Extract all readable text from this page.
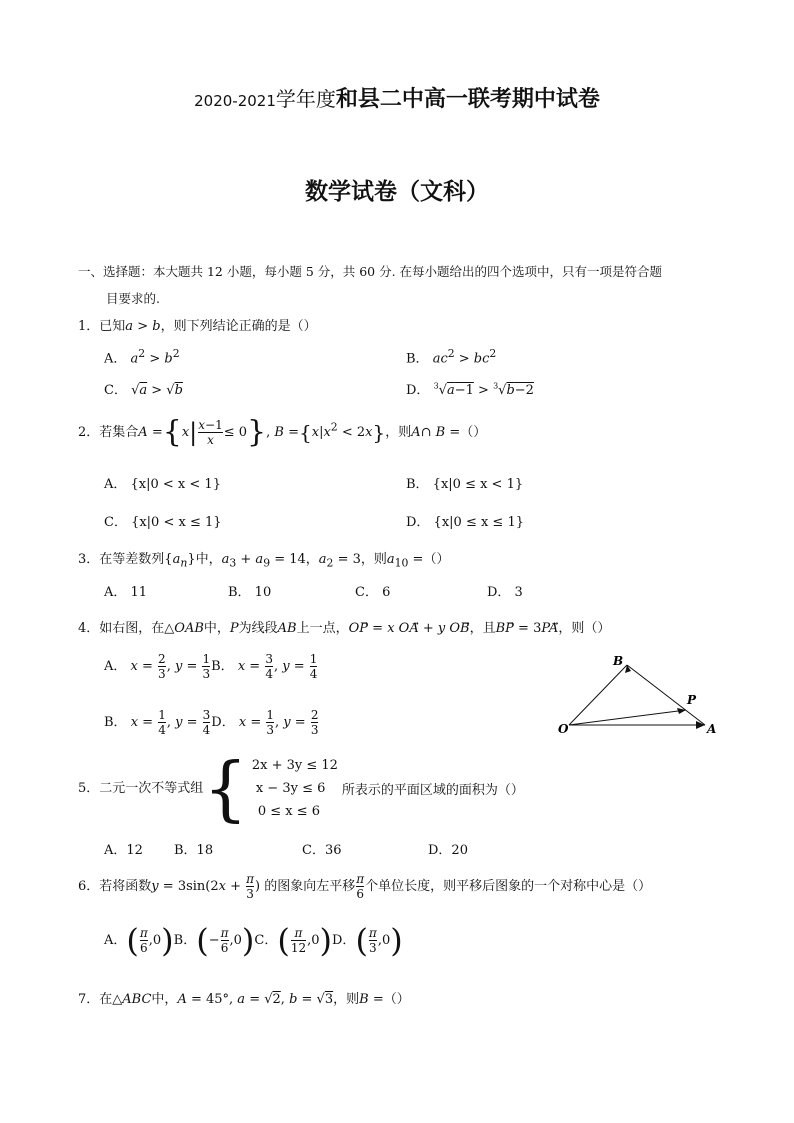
2020-2021学年度和县二中高一联考期中试卷
数学试卷（文科）
一、选择题：本大题共 12 小题，每小题 5 分，共 60 分. 在每小题给出的四个选项中，只有一项是符合题
目要求的.
1．已知a > b，则下列结论正确的是（）
A． $a^2 > b^2$	B． $ac^2 > bc^2$
C． √a > √b	D． $^3$√a−1 > $^3$√b−2
2．若集合$A =\{x| \frac{x-1}{x} \le 0\}$, $B =\{x|x^2 < 2x\}$，则A∩ B =（）
A． {x|0 < x < 1}	B． {x|0 ≤ x < 1}
C． {x|0 < x ≤ 1}	D． {x|0 ≤ x ≤ 1}
3．在等差数列$\{a_n\}$中，$a_3 + a_9 = 14$，$a_2 = 3$，则$a_{10}$ =（）
A． 11	B． 10	C． 6	D． 3
4．如右图，在△OAB中，P为线段AB上一点，OP⃗ = x OA⃗ + y OB⃗，且BP⃗ = 3PA⃗，则（）
A． $x = \frac{2}{3}$ , $y = \frac{1}{3}$ B． $x = \frac{3}{4}$ , $y = \frac{1}{4}$
B． $x = \frac{1}{4}$ , $y = \frac{3}{4}$ D． $x = \frac{1}{3}$ , $y = \frac{2}{3}$
B
P
O	A
5．二元一次不等式组{ 2x + 3y ≤ 12
x − 3y ≤ 6
0 ≤ x ≤ 6
所表示的平面区域的面积为（）
A．12 B．18	C．36	D．20
6．若将函数$y = 3\sin(2x + \frac{\pi}{3}$ ) 的图象向左平移 $\frac{\pi}{6}$ 个单位长度，则平移后图象的一个对称中心是（）
A．( $\frac{\pi}{6} ,0)B$．(− $\frac{\pi}{6} ,0)C$．( $\frac{\pi}{12} ,0)D$．( $\frac{\pi}{3} ,0$)
7．在△ABC中，A = 45°, a = √2, b = √3，则B =（）
